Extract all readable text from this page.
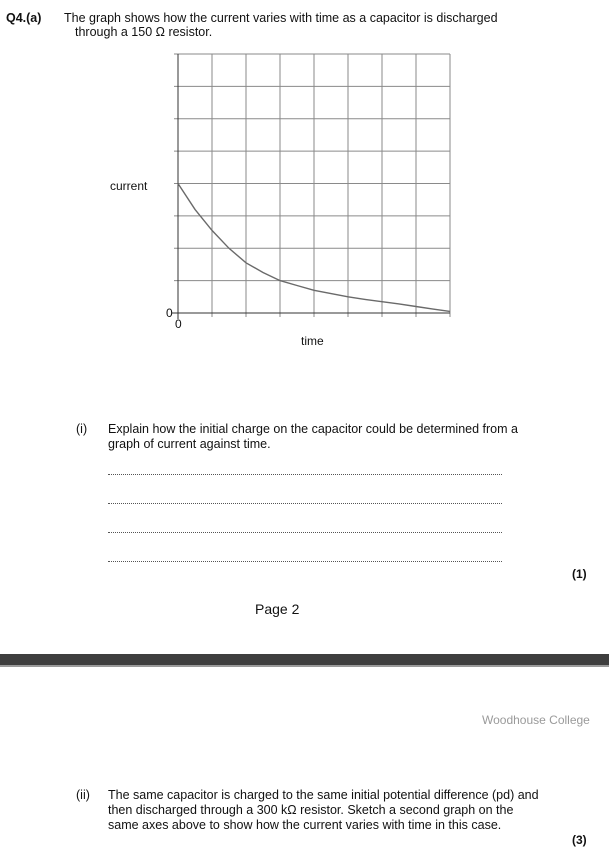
Q4.(a) The graph shows how the current varies with time as a capacitor is discharged
through a 150 Ω resistor.
current
0
0
time
(i) Explain how the initial charge on the capacitor could be determined from a
graph of current against time.
(1)
Page 2
Woodhouse College
(ii) The same capacitor is charged to the same initial potential difference (pd) and
then discharged through a 300 kΩ resistor. Sketch a second graph on the
same axes above to show how the current varies with time in this case.
(3)
